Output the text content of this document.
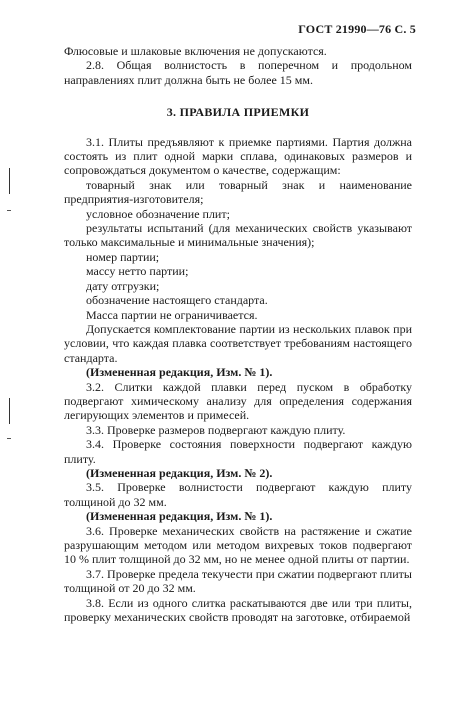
ГОСТ 21990—76 С. 5

Флюсовые и шлаковые включения не допускаются.

2.8. Общая волнистость в поперечном и продольном направлениях плит должна быть не более 15 мм.

3. ПРАВИЛА ПРИЕМКИ

3.1. Плиты предъявляют к приемке партиями. Партия должна состоять из плит одной марки сплава, одинаковых размеров и сопровождаться документом о качестве, содержащим:

товарный знак или товарный знак и наименование предприятия-изготовителя;

условное обозначение плит;

результаты испытаний (для механических свойств указывают только максимальные и минимальные значения);

номер партии;

массу нетто партии;

дату отгрузки;

обозначение настоящего стандарта.

Масса партии не ограничивается.

Допускается комплектование партии из нескольких плавок при условии, что каждая плавка соответствует требованиям настоящего стандарта.

(Измененная редакция, Изм. № 1).

3.2. Слитки каждой плавки перед пуском в обработку подвергают химическому анализу для определения содержания легирующих элементов и примесей.

3.3. Проверке размеров подвергают каждую плиту.

3.4. Проверке состояния поверхности подвергают каждую плиту.

(Измененная редакция, Изм. № 2).

3.5. Проверке волнистости подвергают каждую плиту толщиной до 32 мм.

(Измененная редакция, Изм. № 1).

3.6. Проверке механических свойств на растяжение и сжатие разрушающим методом или методом вихревых токов подвергают 10 % плит толщиной до 32 мм, но не менее одной плиты от партии.

3.7. Проверке предела текучести при сжатии подвергают плиты толщиной от 20 до 32 мм.

3.8. Если из одного слитка раскатываются две или три плиты, проверку механических свойств проводят на заготовке, отбираемой
